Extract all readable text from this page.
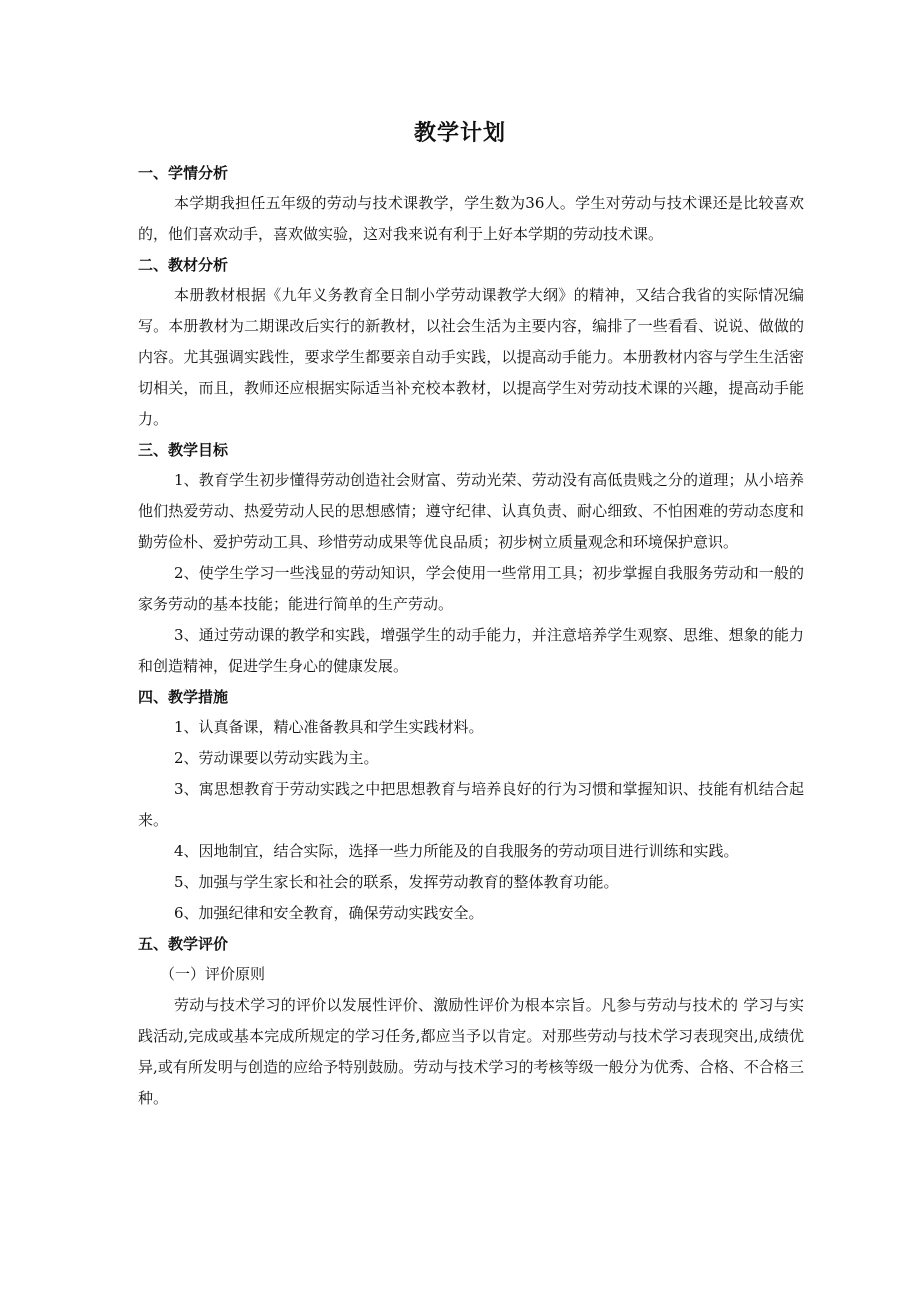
教学计划

一、学情分析

本学期我担任五年级的劳动与技术课教学，学生数为36人。学生对劳动与技术课还是比较喜欢的，他们喜欢动手，喜欢做实验，这对我来说有利于上好本学期的劳动技术课。

二、教材分析

本册教材根据《九年义务教育全日制小学劳动课教学大纲》的精神，又结合我省的实际情况编写。本册教材为二期课改后实行的新教材，以社会生活为主要内容，编排了一些看看、说说、做做的内容。尤其强调实践性，要求学生都要亲自动手实践，以提高动手能力。本册教材内容与学生生活密切相关，而且，教师还应根据实际适当补充校本教材，以提高学生对劳动技术课的兴趣，提高动手能力。

三、教学目标

1、教育学生初步懂得劳动创造社会财富、劳动光荣、劳动没有高低贵贱之分的道理；从小培养他们热爱劳动、热爱劳动人民的思想感情；遵守纪律、认真负责、耐心细致、不怕困难的劳动态度和勤劳俭朴、爱护劳动工具、珍惜劳动成果等优良品质；初步树立质量观念和环境保护意识。

2、使学生学习一些浅显的劳动知识，学会使用一些常用工具；初步掌握自我服务劳动和一般的家务劳动的基本技能；能进行简单的生产劳动。

3、通过劳动课的教学和实践，增强学生的动手能力，并注意培养学生观察、思维、想象的能力和创造精神，促进学生身心的健康发展。

四、教学措施

1、认真备课，精心准备教具和学生实践材料。

2、劳动课要以劳动实践为主。

3、寓思想教育于劳动实践之中把思想教育与培养良好的行为习惯和掌握知识、技能有机结合起来。

4、因地制宜，结合实际，选择一些力所能及的自我服务的劳动项目进行训练和实践。

5、加强与学生家长和社会的联系，发挥劳动教育的整体教育功能。

6、加强纪律和安全教育，确保劳动实践安全。

五、教学评价

（一）评价原则

劳动与技术学习的评价以发展性评价、激励性评价为根本宗旨。凡参与劳动与技术的 学习与实践活动,完成或基本完成所规定的学习任务,都应当予以肯定。对那些劳动与技术学习表现突出,成绩优异,或有所发明与创造的应给予特别鼓励。劳动与技术学习的考核等级一般分为优秀、合格、不合格三种。
